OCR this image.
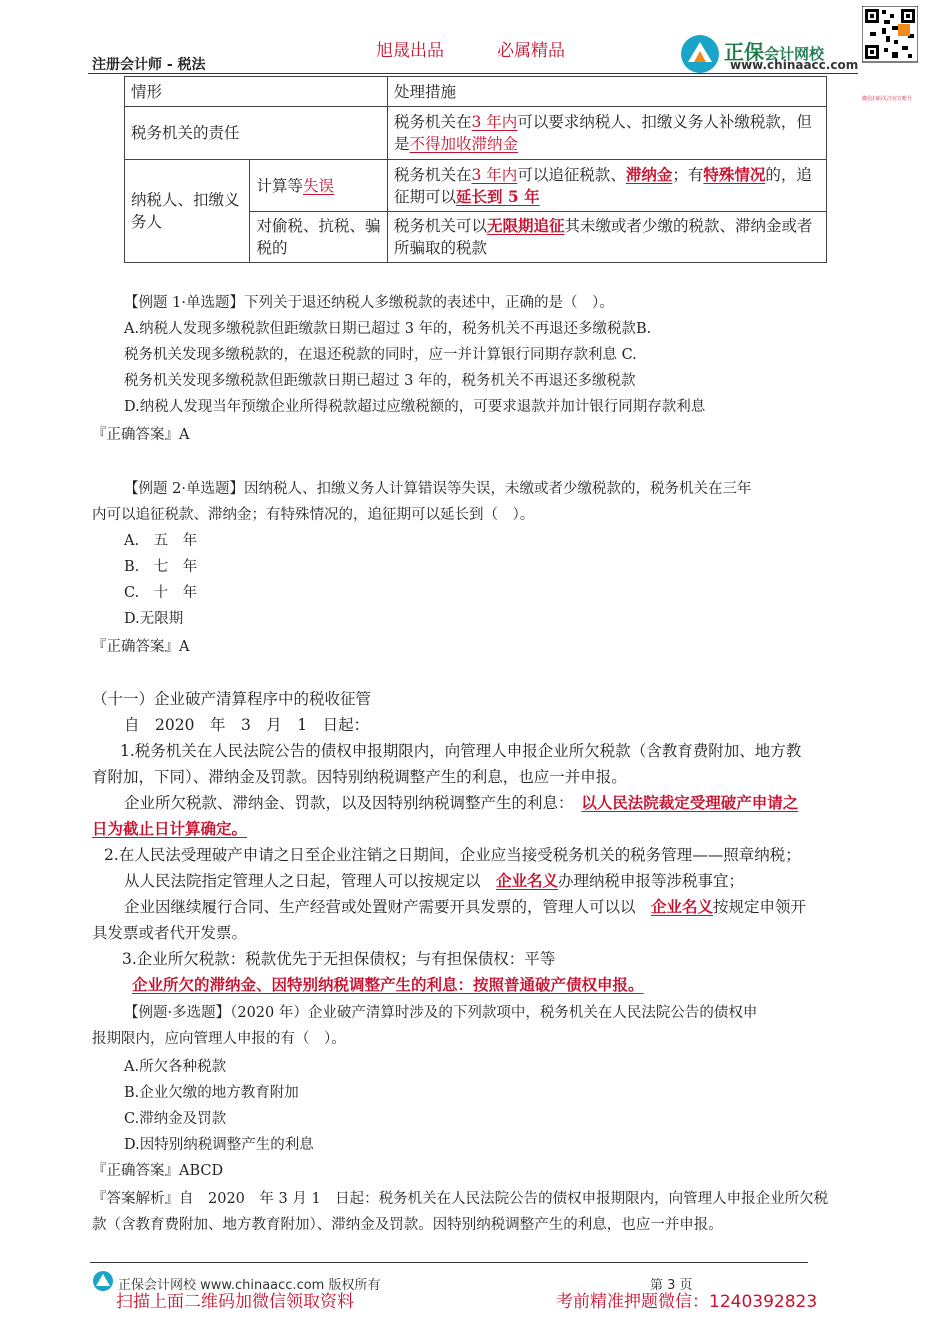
注册会计师 - 税法
旭晟出品	必属精品	正保会计网校
www.chinaacc.com
微信扫码关注官方账号
情形		处理措施
税务机关的责任		税务机关在3 年内可以要求纳税人、扣缴义务人补缴税款，但是不得加收滞纳金
纳税人、扣缴义务人	计算等失误	税务机关在3 年内可以追征税款、滞纳金；有特殊情况的，追征期可以延长到 5 年
	对偷税、抗税、骗税的	税务机关可以无限期追征其未缴或者少缴的税款、滞纳金或者所骗取的税款
【例题 1·单选题】下列关于退还纳税人多缴税款的表述中，正确的是（　）。
A.纳税人发现多缴税款但距缴款日期已超过 3 年的，税务机关不再退还多缴税款B.
税务机关发现多缴税款的，在退还税款的同时，应一并计算银行同期存款利息 C.
税务机关发现多缴税款但距缴款日期已超过 3 年的，税务机关不再退还多缴税款
D.纳税人发现当年预缴企业所得税款超过应缴税额的，可要求退款并加计银行同期存款利息
『正确答案』A
【例题 2·单选题】因纳税人、扣缴义务人计算错误等失误，未缴或者少缴税款的，税务机关在三年
内可以追征税款、滞纳金；有特殊情况的，追征期可以延长到（　）。
A.　五　年
B.　七　年
C.　十　年
D.无限期
『正确答案』A
（十一）企业破产清算程序中的税收征管
自　2020　年　3　月　1　日起：
1.税务机关在人民法院公告的债权申报期限内，向管理人申报企业所欠税款（含教育费附加、地方教
育附加，下同）、滞纳金及罚款。因特别纳税调整产生的利息，也应一并申报。
企业所欠税款、滞纳金、罚款，以及因特别纳税调整产生的利息：　 以人民法院裁定受理破产申请之
日为截止日计算确定。
2.在人民法受理破产申请之日至企业注销之日期间，企业应当接受税务机关的税务管理——照章纳税；
从人民法院指定管理人之日起，管理人可以按规定以　 企业名义办理纳税申报等涉税事宜；
企业因继续履行合同、生产经营或处置财产需要开具发票的，管理人可以以　 企业名义按规定申领开
具发票或者代开发票。
3.企业所欠税款：税款优先于无担保债权；与有担保债权：平等
企业所欠的滞纳金、因特别纳税调整产生的利息：按照普通破产债权申报。
【例题·多选题】（2020 年）企业破产清算时涉及的下列款项中，税务机关在人民法院公告的债权申
报期限内，应向管理人申报的有（　）。
A.所欠各种税款
B.企业欠缴的地方教育附加
C.滞纳金及罚款
D.因特别纳税调整产生的利息
『正确答案』ABCD
『答案解析』自　2020　年 3 月 1　日起：税务机关在人民法院公告的债权申报期限内，向管理人申报企业所欠税
款（含教育费附加、地方教育附加）、滞纳金及罚款。因特别纳税调整产生的利息，也应一并申报。
正保会计网校 www.chinaacc.com 版权所有	第 3 页
扫描上面二维码加微信领取资料	考前精准押题微信：1240392823
